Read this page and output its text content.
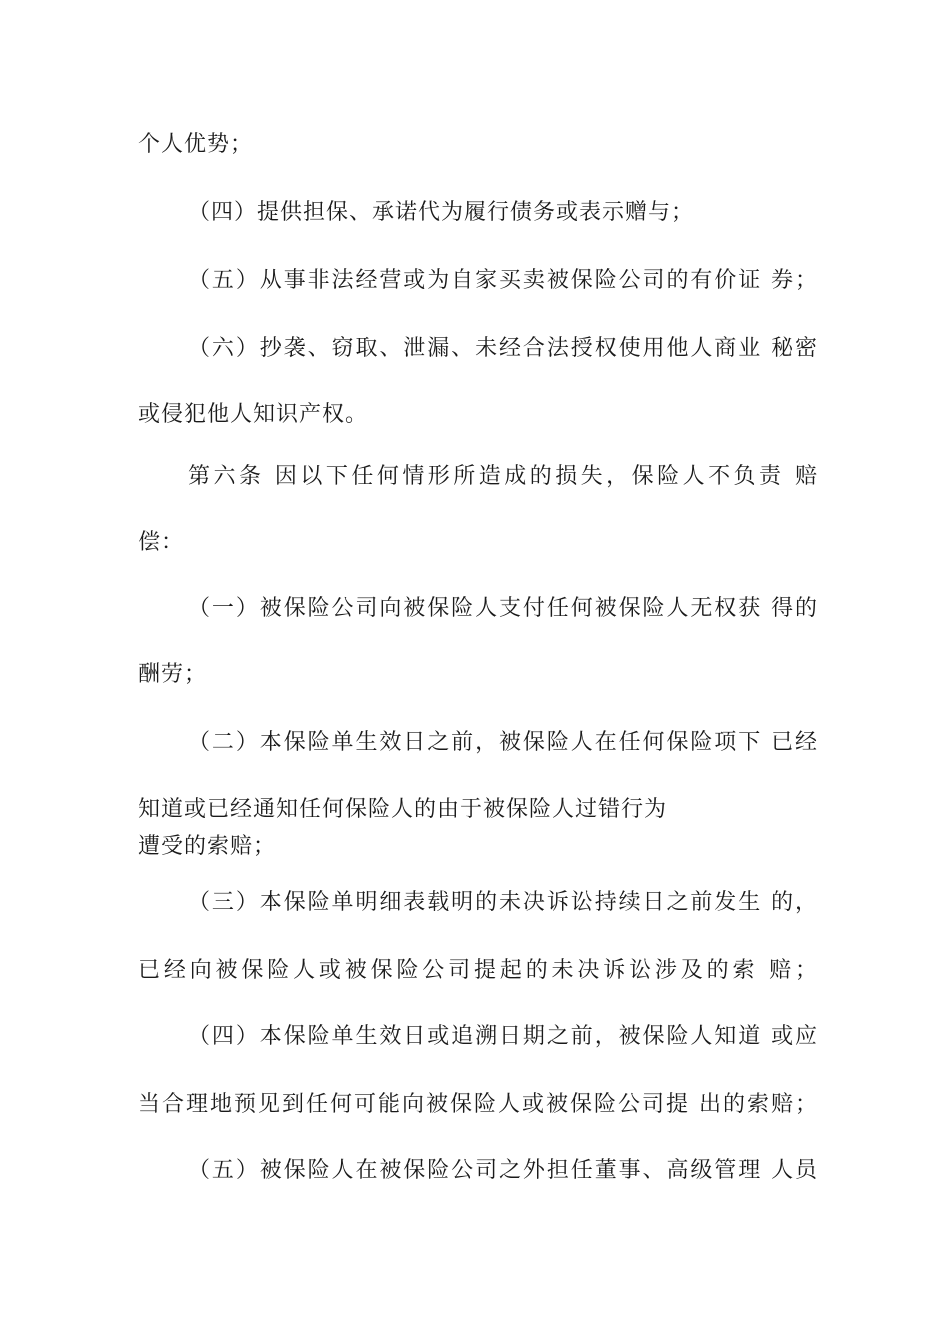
个人优势；
（四）提供担保、承诺代为履行债务或表示赠与；
（五）从事非法经营或为自家买卖被保险公司的有价证 券；
（六）抄袭、窃取、泄漏、未经合法授权使用他人商业 秘密
或侵犯他人知识产权。
第六条 因以下任何情形所造成的损失，保险人不负责 赔
偿：
（一）被保险公司向被保险人支付任何被保险人无权获 得的
酬劳；
（二）本保险单生效日之前，被保险人在任何保险项下 已经
知道或已经通知任何保险人的由于被保险人过错行为
遭受的索赔；
（三）本保险单明细表载明的未决诉讼持续日之前发生 的，
已经向被保险人或被保险公司提起的未决诉讼涉及的索 赔；
（四）本保险单生效日或追溯日期之前，被保险人知道 或应
当合理地预见到任何可能向被保险人或被保险公司提 出的索赔；
（五）被保险人在被保险公司之外担任董事、高级管理 人员
